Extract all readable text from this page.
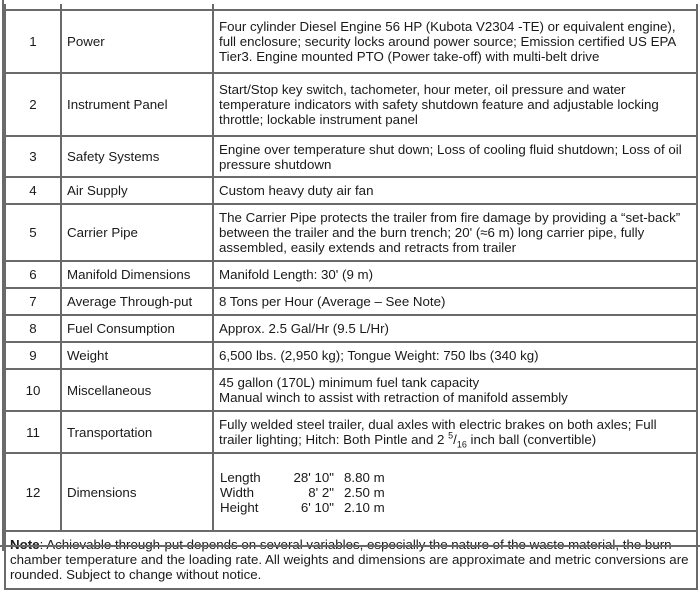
1	Power	Four cylinder Diesel Engine 56 HP (Kubota V2304 -TE) or equivalent engine), full enclosure; security locks around power source; Emission certified US EPA Tier3. Engine mounted PTO (Power take-off) with multi-belt drive
2	Instrument Panel	Start/Stop key switch, tachometer, hour meter, oil pressure and water temperature indicators with safety shutdown feature and adjustable locking throttle; lockable instrument panel
3	Safety Systems	Engine over temperature shut down; Loss of cooling fluid shutdown; Loss of oil pressure shutdown
4	Air Supply	Custom heavy duty air fan
5	Carrier Pipe	The Carrier Pipe protects the trailer from fire damage by providing a “set-back” between the trailer and the burn trench; 20' (≈6 m) long carrier pipe, fully assembled, easily extends and retracts from trailer
6	Manifold Dimensions	Manifold Length: 30' (9 m)
7	Average Through-put	8 Tons per Hour (Average – See Note)
8	Fuel Consumption	Approx. 2.5 Gal/Hr (9.5 L/Hr)
9	Weight	6,500 lbs. (2,950 kg); Tongue Weight: 750 lbs (340 kg)
10	Miscellaneous	45 gallon (170L) minimum fuel tank capacity
Manual winch to assist with retraction of manifold assembly

11	Transportation	Fully welded steel trailer, dual axles with electric brakes on both axles; Full trailer lighting; Hitch: Both Pintle and 2 $^5/_{16}$ inch ball (convertible)
12	Dimensions	
Length	28' 10"	8.80 m
Width	8' 2"	2.50 m
Height	6' 10"	2.10 m

Note: Achievable through-put depends on several variables, especially the nature of the waste material, the burn chamber temperature and the loading rate. All weights and dimensions are approximate and metric conversions are rounded. Subject to change without notice.
